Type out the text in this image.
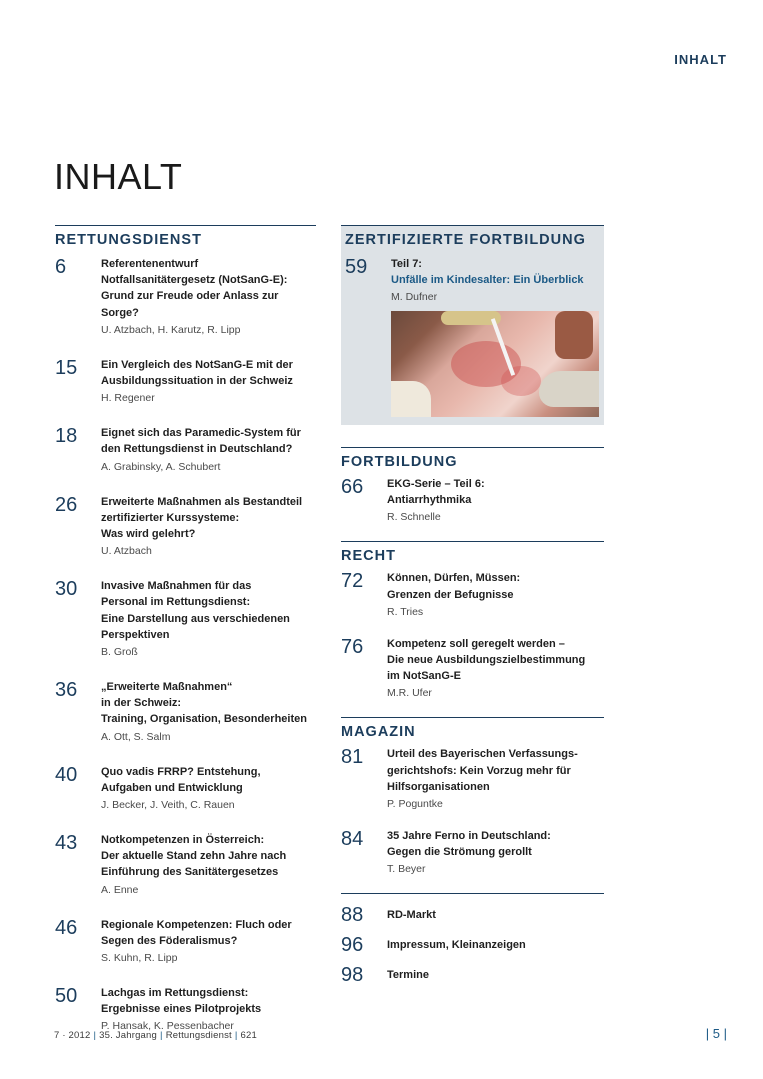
INHALT
INHALT
RETTUNGSDIENST
6	Referentenentwurf
Notfallsanitätergesetz (NotSanG-E):
Grund zur Freude oder Anlass zur
Sorge?
U. Atzbach, H. Karutz, R. Lipp
15	Ein Vergleich des NotSanG-E mit der
Ausbildungssituation in der Schweiz
H. Regener
18	Eignet sich das Paramedic-System für
den Rettungsdienst in Deutschland?
A. Grabinsky, A. Schubert
26	Erweiterte Maßnahmen als Bestandteil
zertifizierter Kurssysteme:
Was wird gelehrt?
U. Atzbach
30	Invasive Maßnahmen für das
Personal im Rettungsdienst:
Eine Darstellung aus verschiedenen
Perspektiven
B. Groß
36	„Erweiterte Maßnahmen“
in der Schweiz:
Training, Organisation, Besonderheiten
A. Ott, S. Salm
40	Quo vadis FRRP? Entstehung,
Aufgaben und Entwicklung
J. Becker, J. Veith, C. Rauen
43	Notkompetenzen in Österreich:
Der aktuelle Stand zehn Jahre nach
Einführung des Sanitätergesetzes
A. Enne
46	Regionale Kompetenzen: Fluch oder
Segen des Föderalismus?
S. Kuhn, R. Lipp
50	Lachgas im Rettungsdienst:
Ergebnisse eines Pilotprojekts
P. Hansak, K. Pessenbacher
ZERTIFIZIERTE FORTBILDUNG
59	Teil 7:
Unfälle im Kindesalter: Ein Überblick
M. Dufner
FORTBILDUNG
66	EKG-Serie – Teil 6:
Antiarrhythmika
R. Schnelle
RECHT
72	Können, Dürfen, Müssen:
Grenzen der Befugnisse
R. Tries
76	Kompetenz soll geregelt werden –
Die neue Ausbildungszielbestimmung
im NotSanG-E
M.R. Ufer
MAGAZIN
81	Urteil des Bayerischen Verfassungs-
gerichtshofs: Kein Vorzug mehr für
Hilfsorganisationen
P. Poguntke
84	35 Jahre Ferno in Deutschland:
Gegen die Strömung gerollt
T. Beyer
88	RD-Markt
96	Impressum, Kleinanzeigen
98	Termine
7 · 2012 | 35. Jahrgang | Rettungsdienst | 621	| 5 |
